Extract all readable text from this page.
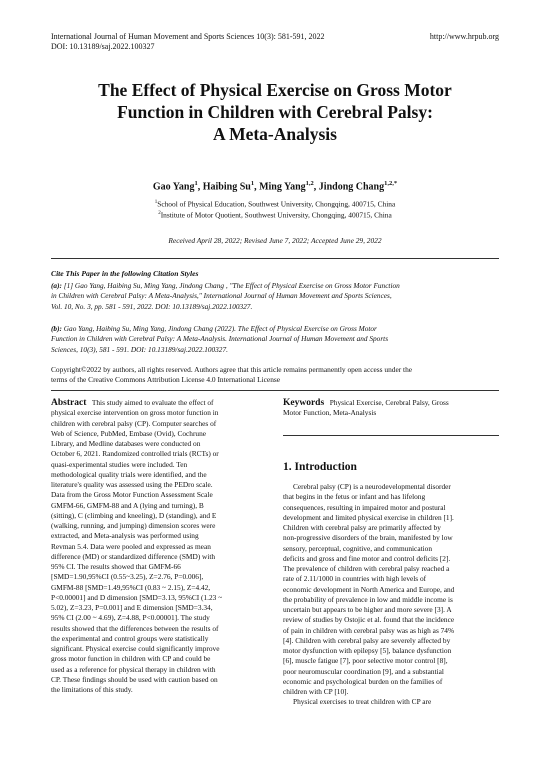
International Journal of Human Movement and Sports Sciences 10(3): 581-591, 2022	http://www.hrpub.org
DOI: 10.13189/saj.2022.100327
The Effect of Physical Exercise on Gross Motor
Function in Children with Cerebral Palsy:
A Meta-Analysis
Gao Yang$^1$, Haibing Su$^1$, Ming Yang$^{1,2}$, Jindong Chang$^{1,2,*}$
$^1$School of Physical Education, Southwest University, Chongqing, 400715, China
$^2$Institute of Motor Quotient, Southwest University, Chongqing, 400715, China
Received April 28, 2022; Revised June 7, 2022; Accepted June 29, 2022
Cite This Paper in the following Citation Styles
(a): [1] Gao Yang, Haibing Su, Ming Yang, Jindong Chang , "The Effect of Physical Exercise on Gross Motor Function
in Children with Cerebral Palsy: A Meta-Analysis," International Journal of Human Movement and Sports Sciences,
Vol. 10, No. 3, pp. 581 - 591, 2022. DOI: 10.13189/saj.2022.100327.
(b): Gao Yang, Haibing Su, Ming Yang, Jindong Chang (2022). The Effect of Physical Exercise on Gross Motor
Function in Children with Cerebral Palsy: A Meta-Analysis. International Journal of Human Movement and Sports
Sciences, 10(3), 581 - 591. DOI: 10.13189/saj.2022.100327.
Copyright©2022 by authors, all rights reserved. Authors agree that this article remains permanently open access under the
terms of the Creative Commons Attribution License 4.0 International License
Abstract This study aimed to evaluate the effect of
physical exercise intervention on gross motor function in
children with cerebral palsy (CP). Computer searches of
Web of Science, PubMed, Embase (Ovid), Cochrune
Library, and Medline databases were conducted on
October 6, 2021. Randomized controlled trials (RCTs) or
quasi-experimental studies were included. Ten
methodological quality trials were identified, and the
literature's quality was assessed using the PEDro scale.
Data from the Gross Motor Function Assessment Scale
GMFM-66, GMFM-88 and A (lying and turning), B
(sitting), C (climbing and kneeling), D (standing), and E
(walking, running, and jumping) dimension scores were
extracted, and Meta-analysis was performed using
Revman 5.4. Data were pooled and expressed as mean
difference (MD) or standardized difference (SMD) with
95% CI. The results showed that GMFM-66
[SMD=1.90,95%CI (0.55~3.25), Z=2.76, P=0.006],
GMFM-88 [SMD=1.49,95%CI (0.83 ~ 2.15), Z=4.42,
P<0.00001] and D dimension [SMD=3.13, 95%CI (1.23 ~
5.02), Z=3.23, P=0.001] and E dimension [SMD=3.34,
95% CI (2.00 ~ 4.69), Z=4.88, P<0.00001]. The study
results showed that the differences between the results of
the experimental and control groups were statistically
significant. Physical exercise could significantly improve
gross motor function in children with CP and could be
used as a reference for physical therapy in children with
CP. These findings should be used with caution based on
the limitations of this study.
Keywords Physical Exercise, Cerebral Palsy, Gross
Motor Function, Meta-Analysis
1. Introduction
Cerebral palsy (CP) is a neurodevelopmental disorder
that begins in the fetus or infant and has lifelong
consequences, resulting in impaired motor and postural
development and limited physical exercise in children [1].
Children with cerebral palsy are primarily affected by
non-progressive disorders of the brain, manifested by low
sensory, perceptual, cognitive, and communication
deficits and gross and fine motor and control deficits [2].
The prevalence of children with cerebral palsy reached a
rate of 2.11/1000 in countries with high levels of
economic development in North America and Europe, and
the probability of prevalence in low and middle income is
uncertain but appears to be higher and more severe [3]. A
review of studies by Ostojic et al. found that the incidence
of pain in children with cerebral palsy was as high as 74%
[4]. Children with cerebral palsy are severely affected by
motor dysfunction with epilepsy [5], balance dysfunction
[6], muscle fatigue [7], poor selective motor control [8],
poor neuromuscular coordination [9], and a substantial
economic and psychological burden on the families of
children with CP [10].
Physical exercises to treat children with CP are
